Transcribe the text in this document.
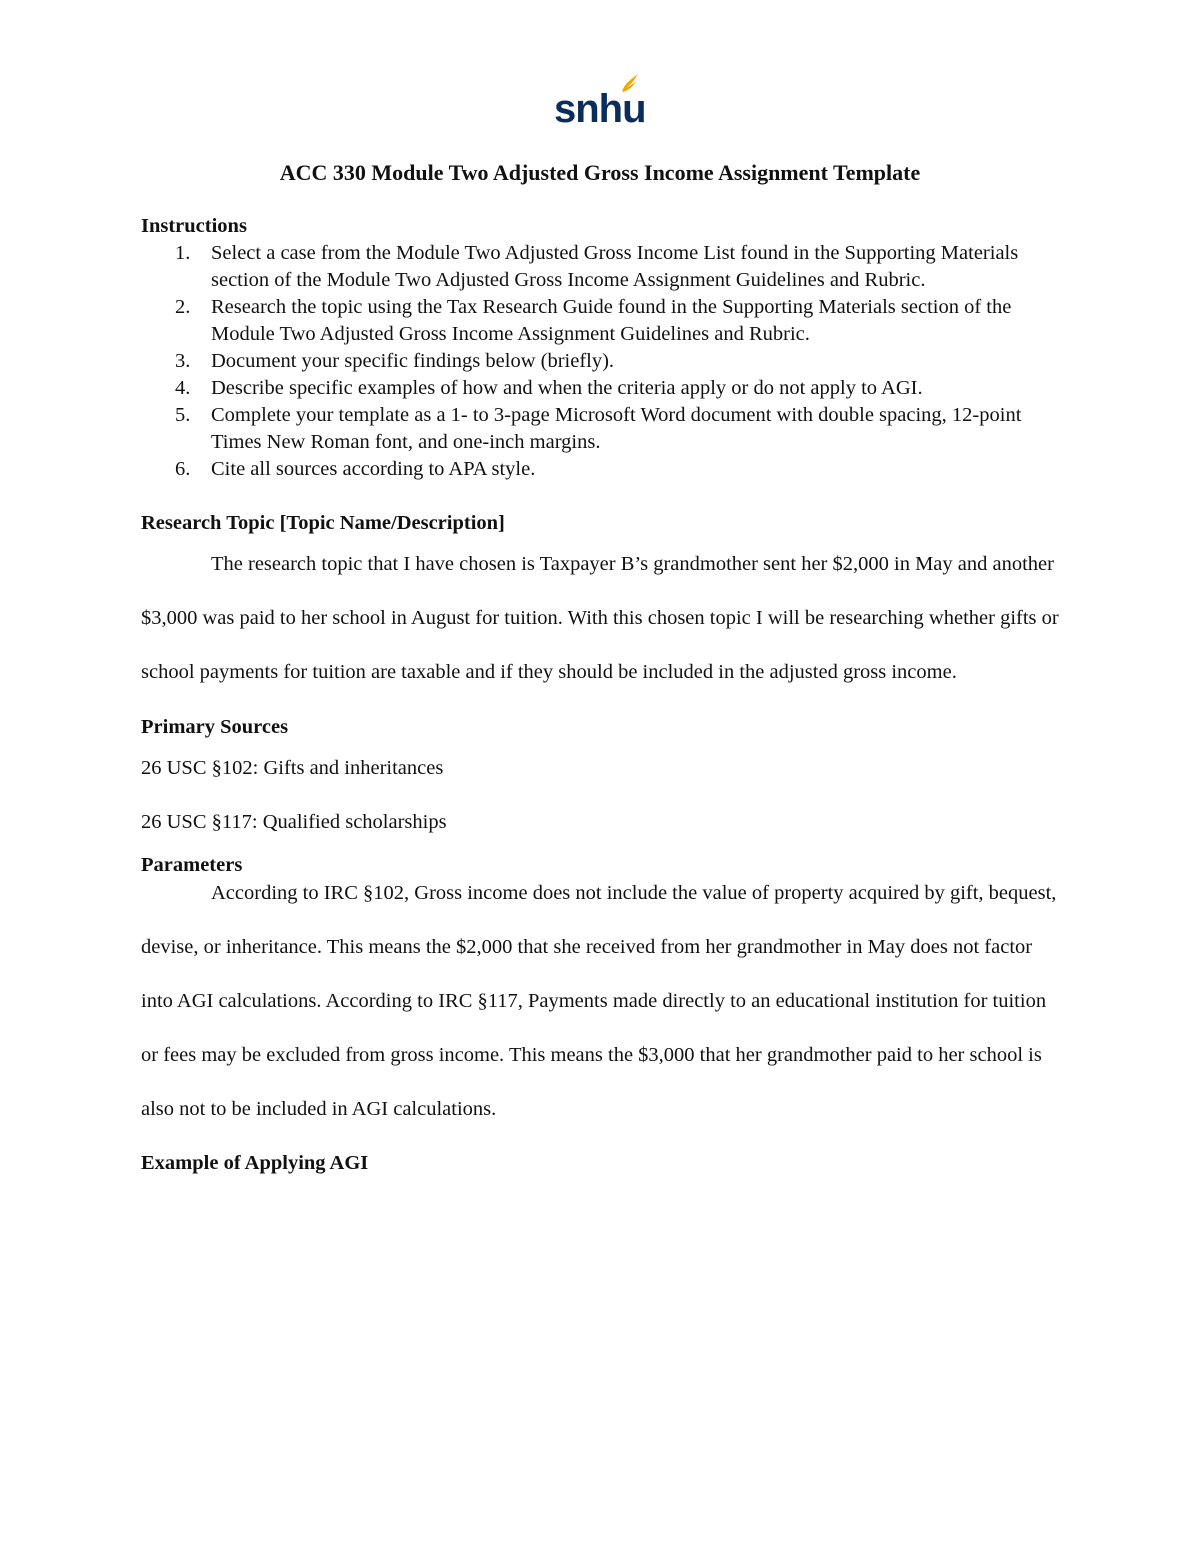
snhu
ACC 330 Module Two Adjusted Gross Income Assignment Template

Instructions

1. Select a case from the Module Two Adjusted Gross Income List found in the Supporting Materials section of the Module Two Adjusted Gross Income Assignment Guidelines and Rubric.
2. Research the topic using the Tax Research Guide found in the Supporting Materials section of the Module Two Adjusted Gross Income Assignment Guidelines and Rubric.
3. Document your specific findings below (briefly).
4. Describe specific examples of how and when the criteria apply or do not apply to AGI.
5. Complete your template as a 1- to 3-page Microsoft Word document with double spacing, 12-point Times New Roman font, and one-inch margins.
6. Cite all sources according to APA style.

Research Topic [Topic Name/Description]

The research topic that I have chosen is Taxpayer B’s grandmother sent her $2,000 in May and another $3,000 was paid to her school in August for tuition. With this chosen topic I will be researching whether gifts or school payments for tuition are taxable and if they should be included in the adjusted gross income.

Primary Sources

26 USC §102: Gifts and inheritances

26 USC §117: Qualified scholarships

Parameters

According to IRC §102, Gross income does not include the value of property acquired by gift, bequest, devise, or inheritance. This means the $2,000 that she received from her grandmother in May does not factor into AGI calculations. According to IRC §117, Payments made directly to an educational institution for tuition or fees may be excluded from gross income. This means the $3,000 that her grandmother paid to her school is also not to be included in AGI calculations.

Example of Applying AGI
